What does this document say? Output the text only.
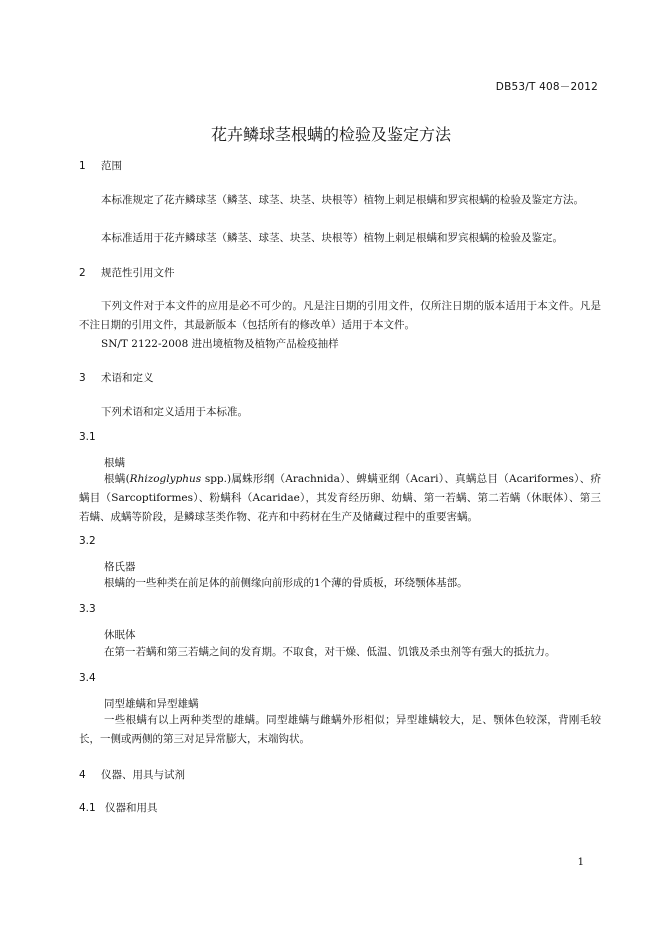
DB53/T 408－2012
花卉鳞球茎根螨的检验及鉴定方法
1 范围

本标准规定了花卉鳞球茎（鳞茎、球茎、块茎、块根等）植物上刺足根螨和罗宾根螨的检验及鉴定方法。

本标准适用于花卉鳞球茎（鳞茎、球茎、块茎、块根等）植物上刺足根螨和罗宾根螨的检验及鉴定。

2 规范性引用文件

下列文件对于本文件的应用是必不可少的。凡是注日期的引用文件，仅所注日期的版本适用于本文件。凡是不注日期的引用文件，其最新版本（包括所有的修改单）适用于本文件。

SN/T 2122-2008 进出境植物及植物产品检疫抽样

3 术语和定义

下列术语和定义适用于本标准。

3.1
根螨

根螨(Rhizoglyphus spp.)属蛛形纲（Arachnida）、蜱螨亚纲（Acari）、真螨总目（Acariformes）、疥螨目（Sarcoptiformes）、粉螨科（Acaridae），其发育经历卵、幼螨、第一若螨、第二若螨（休眠体）、第三若螨、成螨等阶段，是鳞球茎类作物、花卉和中药材在生产及储藏过程中的重要害螨。

3.2
格氏器

根螨的一些种类在前足体的前侧缘向前形成的1个薄的骨质板，环绕颚体基部。

3.3
休眠体

在第一若螨和第三若螨之间的发育期。不取食，对干燥、低温、饥饿及杀虫剂等有强大的抵抗力。

3.4
同型雄螨和异型雄螨

一些根螨有以上两种类型的雄螨。同型雄螨与雌螨外形相似；异型雄螨较大，足、颚体色较深，背刚毛较长，一侧或两侧的第三对足异常膨大，末端钩状。

4 仪器、用具与试剂
4.1 仪器和用具
1
